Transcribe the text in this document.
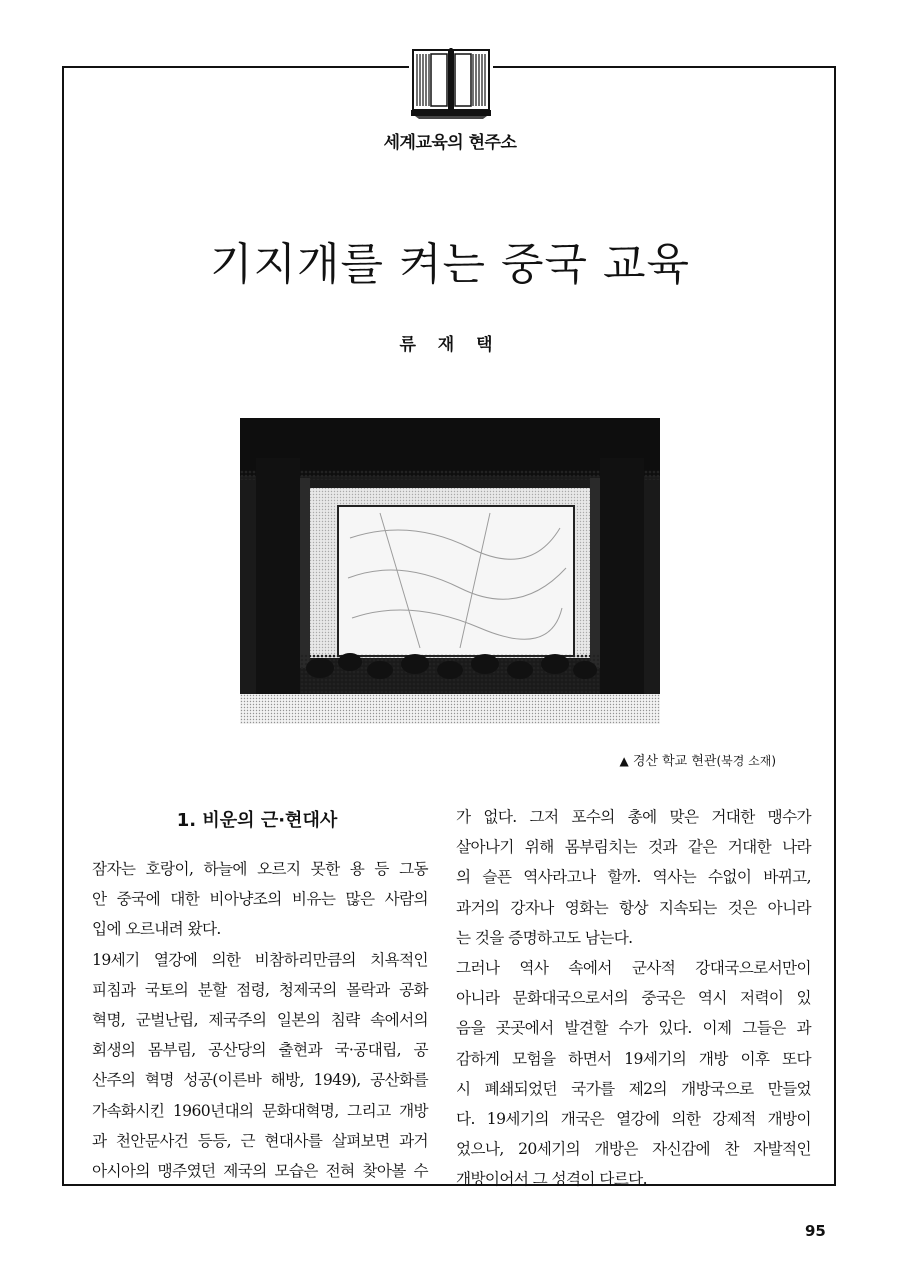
세계교육의 현주소
기지개를 켜는 중국 교육
류 재 택
▲ 경산 학교 현관(북경 소재)
1. 비운의 근·현대사

잠자는 호랑이, 하늘에 오르지 못한 용 등 그동

안 중국에 대한 비아냥조의 비유는 많은 사람의

입에 오르내려 왔다.

19세기 열강에 의한 비참하리만큼의 치욕적인

피침과 국토의 분할 점령, 청제국의 몰락과 공화

혁명, 군벌난립, 제국주의 일본의 침략 속에서의

회생의 몸부림, 공산당의 출현과 국·공대립, 공

산주의 혁명 성공(이른바 해방, 1949), 공산화를

가속화시킨 1960년대의 문화대혁명, 그리고 개방

과 천안문사건 등등, 근 현대사를 살펴보면 과거

아시아의 맹주였던 제국의 모습은 전혀 찾아볼 수

가 없다. 그저 포수의 총에 맞은 거대한 맹수가

살아나기 위해 몸부림치는 것과 같은 거대한 나라

의 슬픈 역사라고나 할까. 역사는 수없이 바뀌고,

과거의 강자나 영화는 항상 지속되는 것은 아니라

는 것을 증명하고도 남는다.

그러나 역사 속에서 군사적 강대국으로서만이

아니라 문화대국으로서의 중국은 역시 저력이 있

음을 곳곳에서 발견할 수가 있다. 이제 그들은 과

감하게 모험을 하면서 19세기의 개방 이후 또다

시 폐쇄되었던 국가를 제2의 개방국으로 만들었

다. 19세기의 개국은 열강에 의한 강제적 개방이

었으나, 20세기의 개방은 자신감에 찬 자발적인

개방이어서 그 성격이 다르다.

95
